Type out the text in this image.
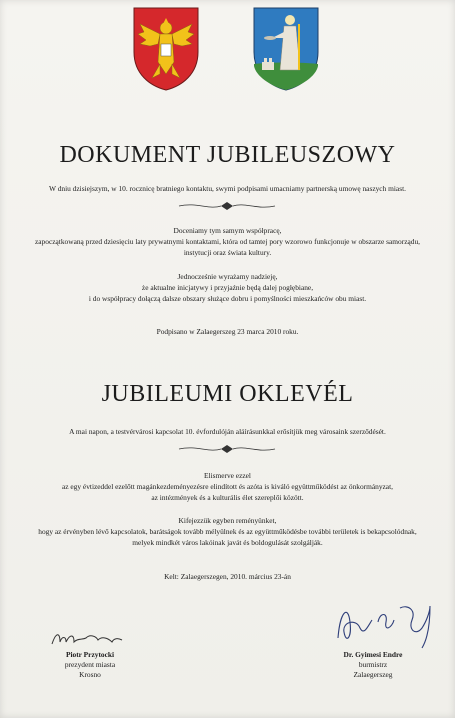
DOKUMENT JUBILEUSZOWY
W dniu dzisiejszym, w 10. rocznicę bratniego kontaktu, swymi podpisami umacniamy partnerską umowę naszych miast.
Doceniamy tym samym współpracę,
zapoczątkowaną przed dziesięciu laty prywatnymi kontaktami, która od tamtej pory wzorowo funkcjonuje w obszarze samorządu,
instytucji oraz świata kultury.
Jednocześnie wyrażamy nadzieję,
że aktualne inicjatywy i przyjaźnie będą dalej pogłębiane,
i do współpracy dołączą dalsze obszary służące dobru i pomyślności mieszkańców obu miast.
Podpisano w Zalaegerszeg 23 marca 2010 roku.
JUBILEUMI OKLEVÉL
A mai napon, a testvérvárosi kapcsolat 10. évfordulóján aláírásunkkal erősítjük meg városaink szerződését.
Elismerve ezzel
az egy évtizeddel ezelőtt magánkezdeményezésre elindított és azóta is kiváló együttműködést az önkormányzat,
az intézmények és a kulturális élet szereplői között.
Kifejezzük egyben reményünket,
hogy az érvényben lévő kapcsolatok, barátságok tovább mélyülnek és az együttműködésbe további területek is bekapcsolódnak,
melyek mindkét város lakóinak javát és boldogulását szolgálják.
Kelt: Zalaegerszegen, 2010. március 23-án
Piotr Przytocki
prezydent miasta
Krosno
Dr. Gyimesi Endre
burmistrz
Zalaegerszeg
